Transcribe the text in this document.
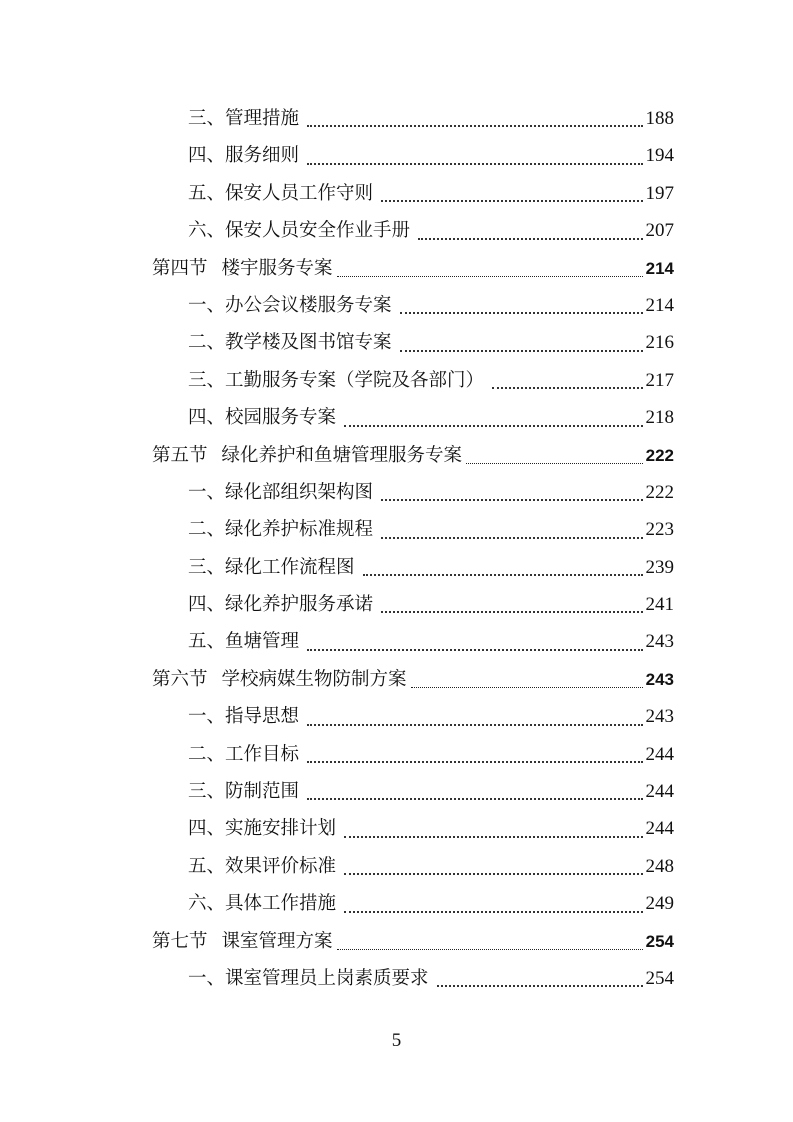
三、管理措施	188
四、服务细则	194
五、保安人员工作守则	197
六、保安人员安全作业手册	207
第四节 楼宇服务专案	214
一、办公会议楼服务专案	214
二、教学楼及图书馆专案	216
三、工勤服务专案（学院及各部门）	217
四、校园服务专案	218
第五节 绿化养护和鱼塘管理服务专案	222
一、绿化部组织架构图	222
二、绿化养护标准规程	223
三、绿化工作流程图	239
四、绿化养护服务承诺	241
五、鱼塘管理	243
第六节 学校病媒生物防制方案	243
一、指导思想	243
二、工作目标	244
三、防制范围	244
四、实施安排计划	244
五、效果评价标准	248
六、具体工作措施	249
第七节 课室管理方案	254
一、课室管理员上岗素质要求	254
5
